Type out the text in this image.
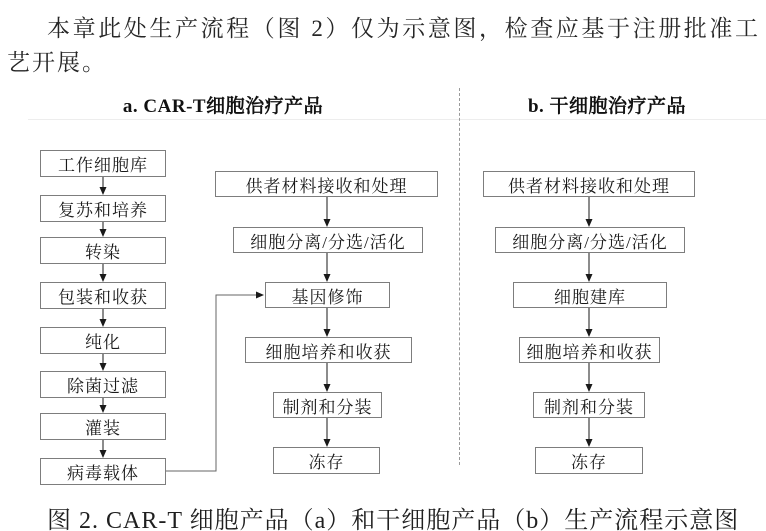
本章此处生产流程（图 2）仅为示意图，检查应基于注册批准工
艺开展。
a. CAR-T细胞治疗产品	b. 干细胞治疗产品
工作细胞库
复苏和培养
转染
包装和收获
纯化
除菌过滤
灌装
病毒载体
供者材料接收和处理
细胞分离/分选/活化
基因修饰
细胞培养和收获
制剂和分装
冻存
供者材料接收和处理
细胞分离/分选/活化
细胞建库
细胞培养和收获
制剂和分装
冻存
图 2. CAR-T 细胞产品（a）和干细胞产品（b）生产流程示意图
